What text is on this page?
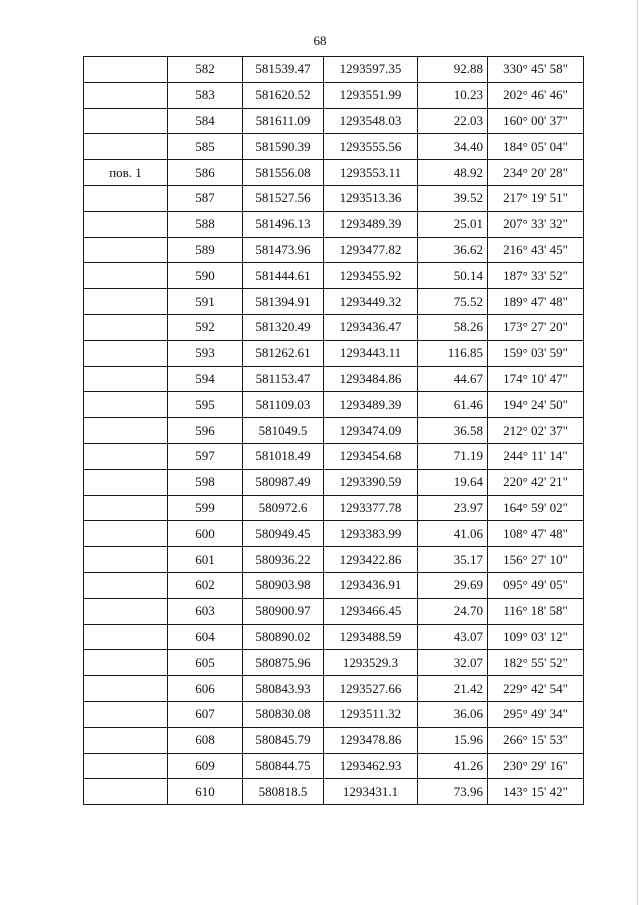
68
	582	581539.47	1293597.35	92.88	330° 45' 58"
	583	581620.52	1293551.99	10.23	202° 46' 46"
	584	581611.09	1293548.03	22.03	160° 00' 37"
	585	581590.39	1293555.56	34.40	184° 05' 04"
пов. 1	586	581556.08	1293553.11	48.92	234° 20' 28"
	587	581527.56	1293513.36	39.52	217° 19' 51"
	588	581496.13	1293489.39	25.01	207° 33' 32"
	589	581473.96	1293477.82	36.62	216° 43' 45"
	590	581444.61	1293455.92	50.14	187° 33' 52"
	591	581394.91	1293449.32	75.52	189° 47' 48"
	592	581320.49	1293436.47	58.26	173° 27' 20"
	593	581262.61	1293443.11	116.85	159° 03' 59"
	594	581153.47	1293484.86	44.67	174° 10' 47"
	595	581109.03	1293489.39	61.46	194° 24' 50"
	596	581049.5	1293474.09	36.58	212° 02' 37"
	597	581018.49	1293454.68	71.19	244° 11' 14"
	598	580987.49	1293390.59	19.64	220° 42' 21"
	599	580972.6	1293377.78	23.97	164° 59' 02"
	600	580949.45	1293383.99	41.06	108° 47' 48"
	601	580936.22	1293422.86	35.17	156° 27' 10"
	602	580903.98	1293436.91	29.69	095° 49' 05"
	603	580900.97	1293466.45	24.70	116° 18' 58"
	604	580890.02	1293488.59	43.07	109° 03' 12"
	605	580875.96	1293529.3	32.07	182° 55' 52"
	606	580843.93	1293527.66	21.42	229° 42' 54"
	607	580830.08	1293511.32	36.06	295° 49' 34"
	608	580845.79	1293478.86	15.96	266° 15' 53"
	609	580844.75	1293462.93	41.26	230° 29' 16"
	610	580818.5	1293431.1	73.96	143° 15' 42"
